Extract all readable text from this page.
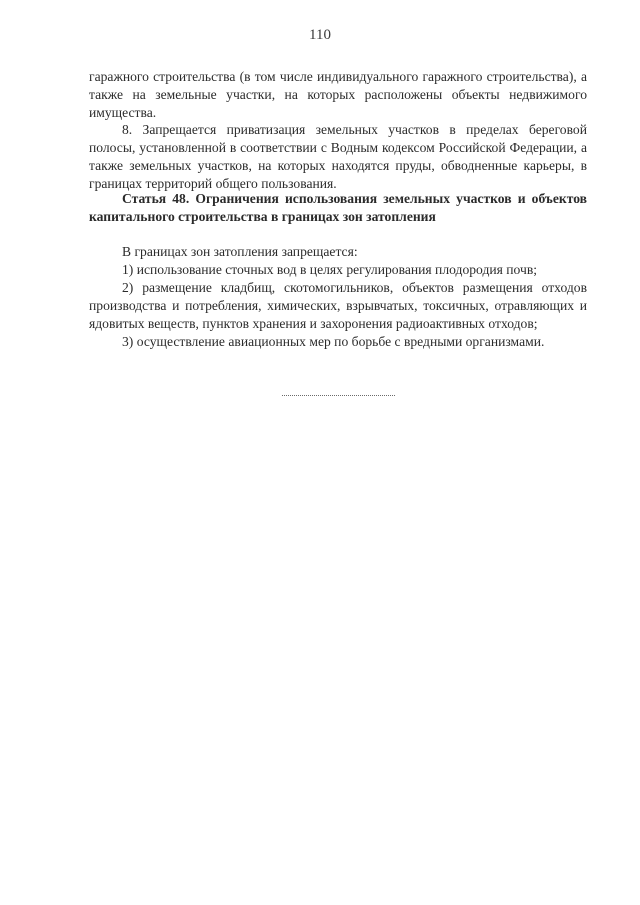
110

гаражного строительства (в том числе индивидуального гаражного строительства), а также на земельные участки, на которых расположены объекты недвижимого имущества.

8. Запрещается приватизация земельных участков в пределах береговой полосы, установленной в соответствии с Водным кодексом Российской Федерации, а также земельных участков, на которых находятся пруды, обводненные карьеры, в границах территорий общего пользования.

Статья 48. Ограничения использования земельных участков и объектов капитального строительства в границах зон затопления

В границах зон затопления запрещается:

1) использование сточных вод в целях регулирования плодородия почв;

2) размещение кладбищ, скотомогильников, объектов размещения отходов производства и потребления, химических, взрывчатых, токсичных, отравляющих и ядовитых веществ, пунктов хранения и захоронения радиоактивных отходов;

3) осуществление авиационных мер по борьбе с вредными организмами.
